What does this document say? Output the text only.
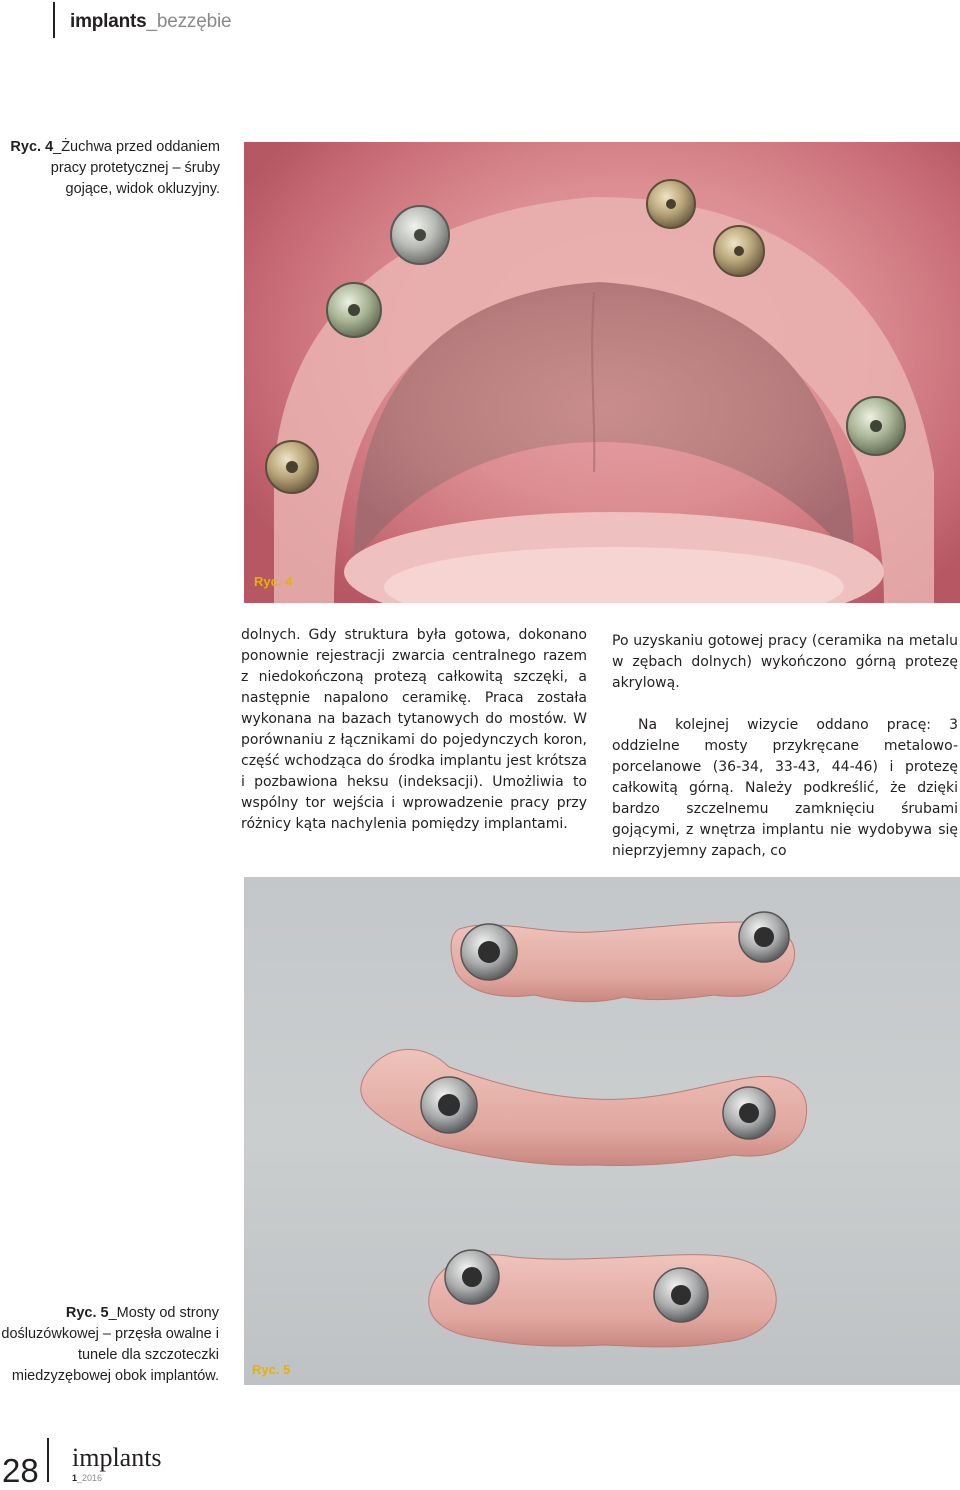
implants_bezzębie
Ryc. 4_Żuchwa przed oddaniem pracy protetycznej – śruby gojące, widok okluzyjny.
Ryc. 4

dolnych. Gdy struktura była gotowa, dokonano ponownie rejestracji zwarcia centralnego razem z niedokończoną protezą całkowitą szczęki, a następnie napalono ceramikę. Praca została wykonana na bazach tytanowych do mostów. W porównaniu z łącznikami do pojedynczych koron, część wchodząca do środka implantu jest krótsza i pozbawiona heksu (indeksacji). Umożliwia to wspólny tor wejścia i wprowadzenie pracy przy różnicy kąta nachylenia pomiędzy implantami.

Po uzyskaniu gotowej pracy (ceramika na metalu w zębach dolnych) wykończono górną protezę akrylową.

Na kolejnej wizycie oddano pracę: 3 oddzielne mosty przykręcane metalowo-porcelanowe (36-34, 33-43, 44-46) i protezę całkowitą górną. Należy podkreślić, że dzięki bardzo szczelnemu zamknięciu śrubami gojącymi, z wnętrza implantu nie wydobywa się nieprzyjemny zapach, co

Ryc. 5
Ryc. 5_Mosty od strony dośluzówkowej – przęsła owalne i tunele dla szczoteczki miedzyzębowej obok implantów.
28 implants
1_2016
